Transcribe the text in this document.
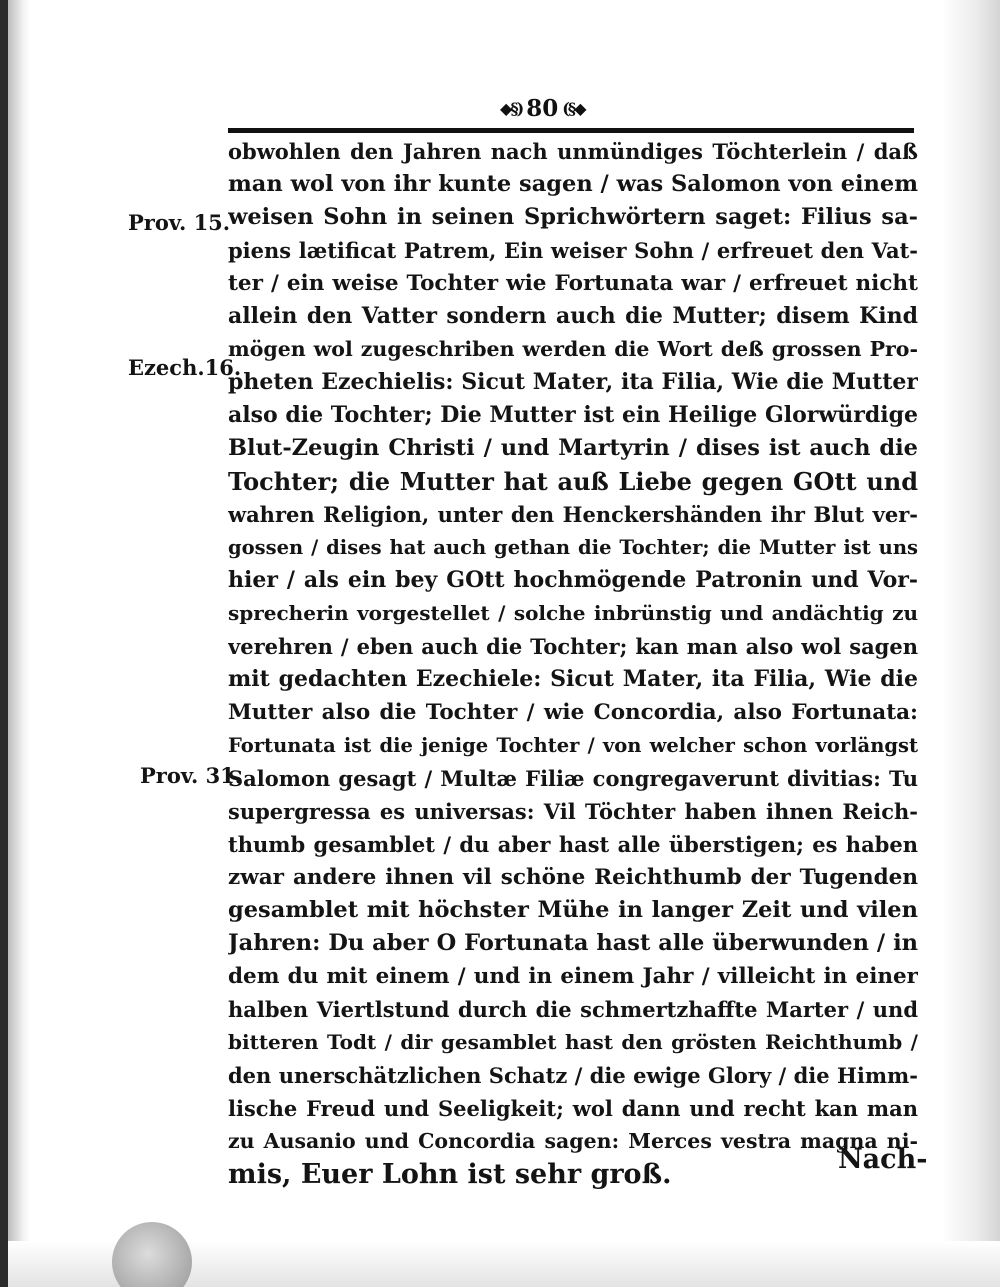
◆§) 80 (§◆
Prov. 15.
Ezech.16.
Prov. 31.
obwohlen den Jahren nach unmündiges Töchterlein / daß
man wol von ihr kunte sagen / was Salomon von einem
weisen Sohn in seinen Sprichwörtern saget: Filius sa-
piens lætificat Patrem, Ein weiser Sohn / erfreuet den Vat-
ter / ein weise Tochter wie Fortunata war / erfreuet nicht
allein den Vatter sondern auch die Mutter; disem Kind
mögen wol zugeschriben werden die Wort deß grossen Pro-
pheten Ezechielis: Sicut Mater, ita Filia, Wie die Mutter
also die Tochter; Die Mutter ist ein Heilige Glorwürdige
Blut-Zeugin Christi / und Martyrin / dises ist auch die
Tochter; die Mutter hat auß Liebe gegen GOtt und
wahren Religion, unter den Henckershänden ihr Blut ver-
gossen / dises hat auch gethan die Tochter; die Mutter ist uns
hier / als ein bey GOtt hochmögende Patronin und Vor-
sprecherin vorgestellet / solche inbrünstig und andächtig zu
verehren / eben auch die Tochter; kan man also wol sagen
mit gedachten Ezechiele: Sicut Mater, ita Filia, Wie die
Mutter also die Tochter / wie Concordia, also Fortunata:
Fortunata ist die jenige Tochter / von welcher schon vorlängst
Salomon gesagt / Multæ Filiæ congregaverunt divitias: Tu
supergressa es universas: Vil Töchter haben ihnen Reich-
thumb gesamblet / du aber hast alle überstigen; es haben
zwar andere ihnen vil schöne Reichthumb der Tugenden
gesamblet mit höchster Mühe in langer Zeit und vilen
Jahren: Du aber O Fortunata hast alle überwunden / in
dem du mit einem / und in einem Jahr / villeicht in einer
halben Viertlstund durch die schmertzhaffte Marter / und
bitteren Todt / dir gesamblet hast den grösten Reichthumb /
den unerschätzlichen Schatz / die ewige Glory / die Himm-
lische Freud und Seeligkeit; wol dann und recht kan man
zu Ausanio und Concordia sagen: Merces vestra magna ni-
mis, Euer Lohn ist sehr groß.	Nach-
